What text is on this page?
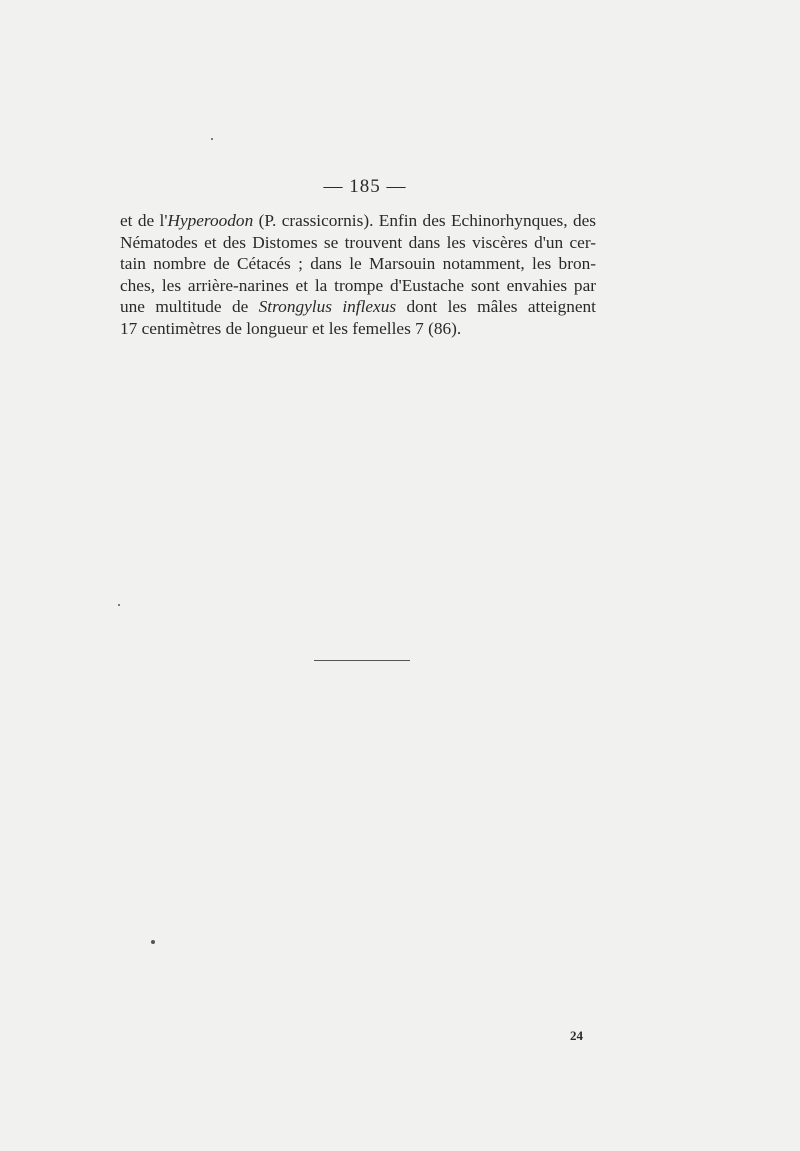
— 185 —
et de l'Hyperoodon (P. crassicornis). Enfin des Echinorhynques, des
Nématodes et des Distomes se trouvent dans les viscères d'un cer-
tain nombre de Cétacés ; dans le Marsouin notamment, les bron-
ches, les arrière-narines et la trompe d'Eustache sont envahies par
une multitude de Strongylus inflexus dont les mâles atteignent
17 centimètres de longueur et les femelles 7 (86).
24
